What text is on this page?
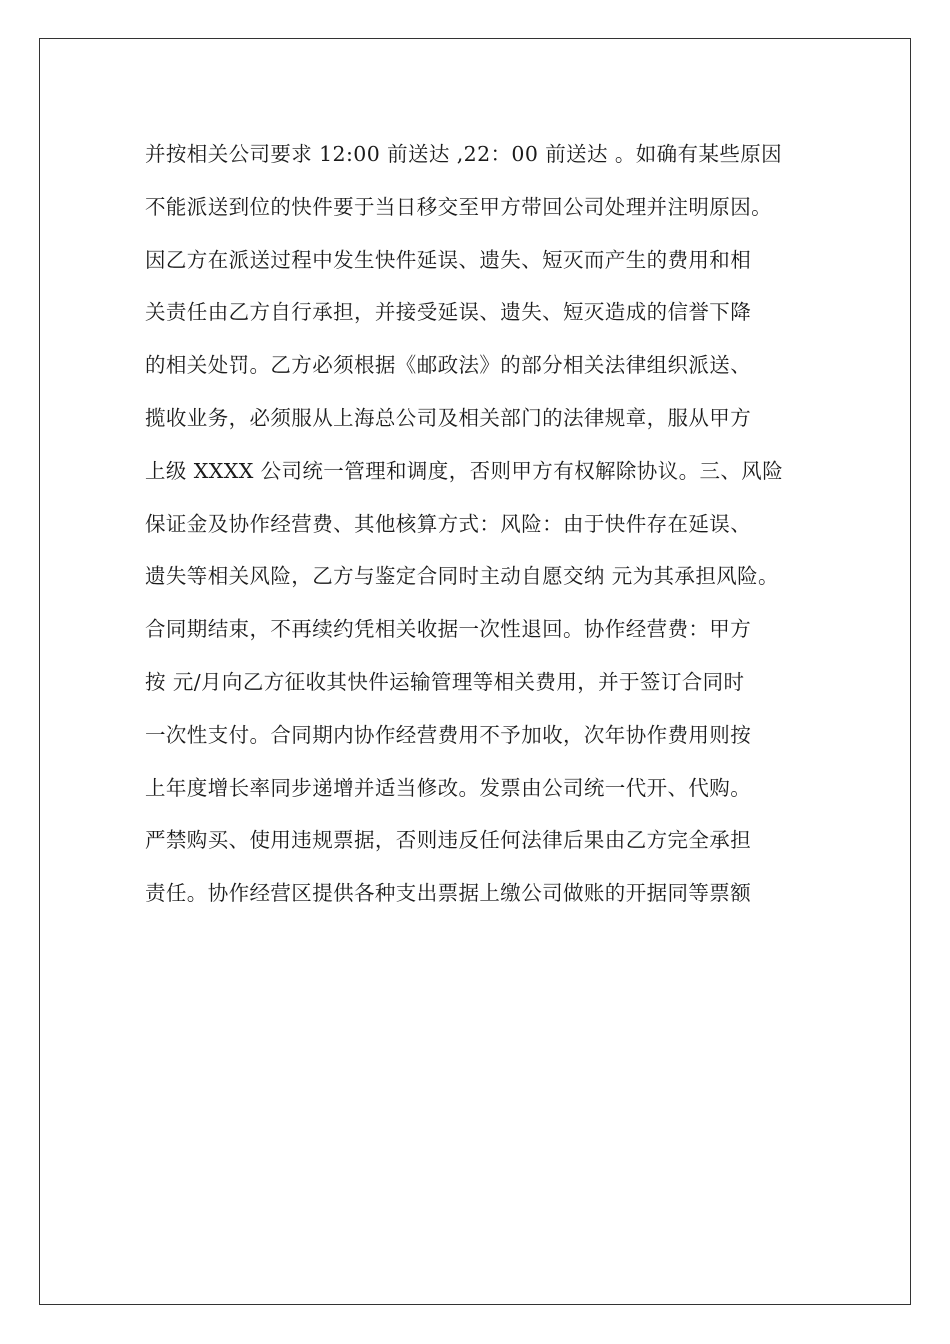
并按相关公司要求 12:00 前送达 ,22：00 前送达 。如确有某些原因
不能派送到位的快件要于当日移交至甲方带回公司处理并注明原因。
因乙方在派送过程中发生快件延误、遗失、短灭而产生的费用和相
关责任由乙方自行承担，并接受延误、遗失、短灭造成的信誉下降
的相关处罚。乙方必须根据《邮政法》的部分相关法律组织派送、
揽收业务，必须服从上海总公司及相关部门的法律规章，服从甲方
上级 XXXX 公司统一管理和调度，否则甲方有权解除协议。三、风险
保证金及协作经营费、其他核算方式：风险：由于快件存在延误、
遗失等相关风险，乙方与鉴定合同时主动自愿交纳 元为其承担风险。
合同期结束，不再续约凭相关收据一次性退回。协作经营费：甲方
按 元/月向乙方征收其快件运输管理等相关费用，并于签订合同时
一次性支付。合同期内协作经营费用不予加收，次年协作费用则按
上年度增长率同步递增并适当修改。发票由公司统一代开、代购。
严禁购买、使用违规票据，否则违反任何法律后果由乙方完全承担
责任。协作经营区提供各种支出票据上缴公司做账的开据同等票额
